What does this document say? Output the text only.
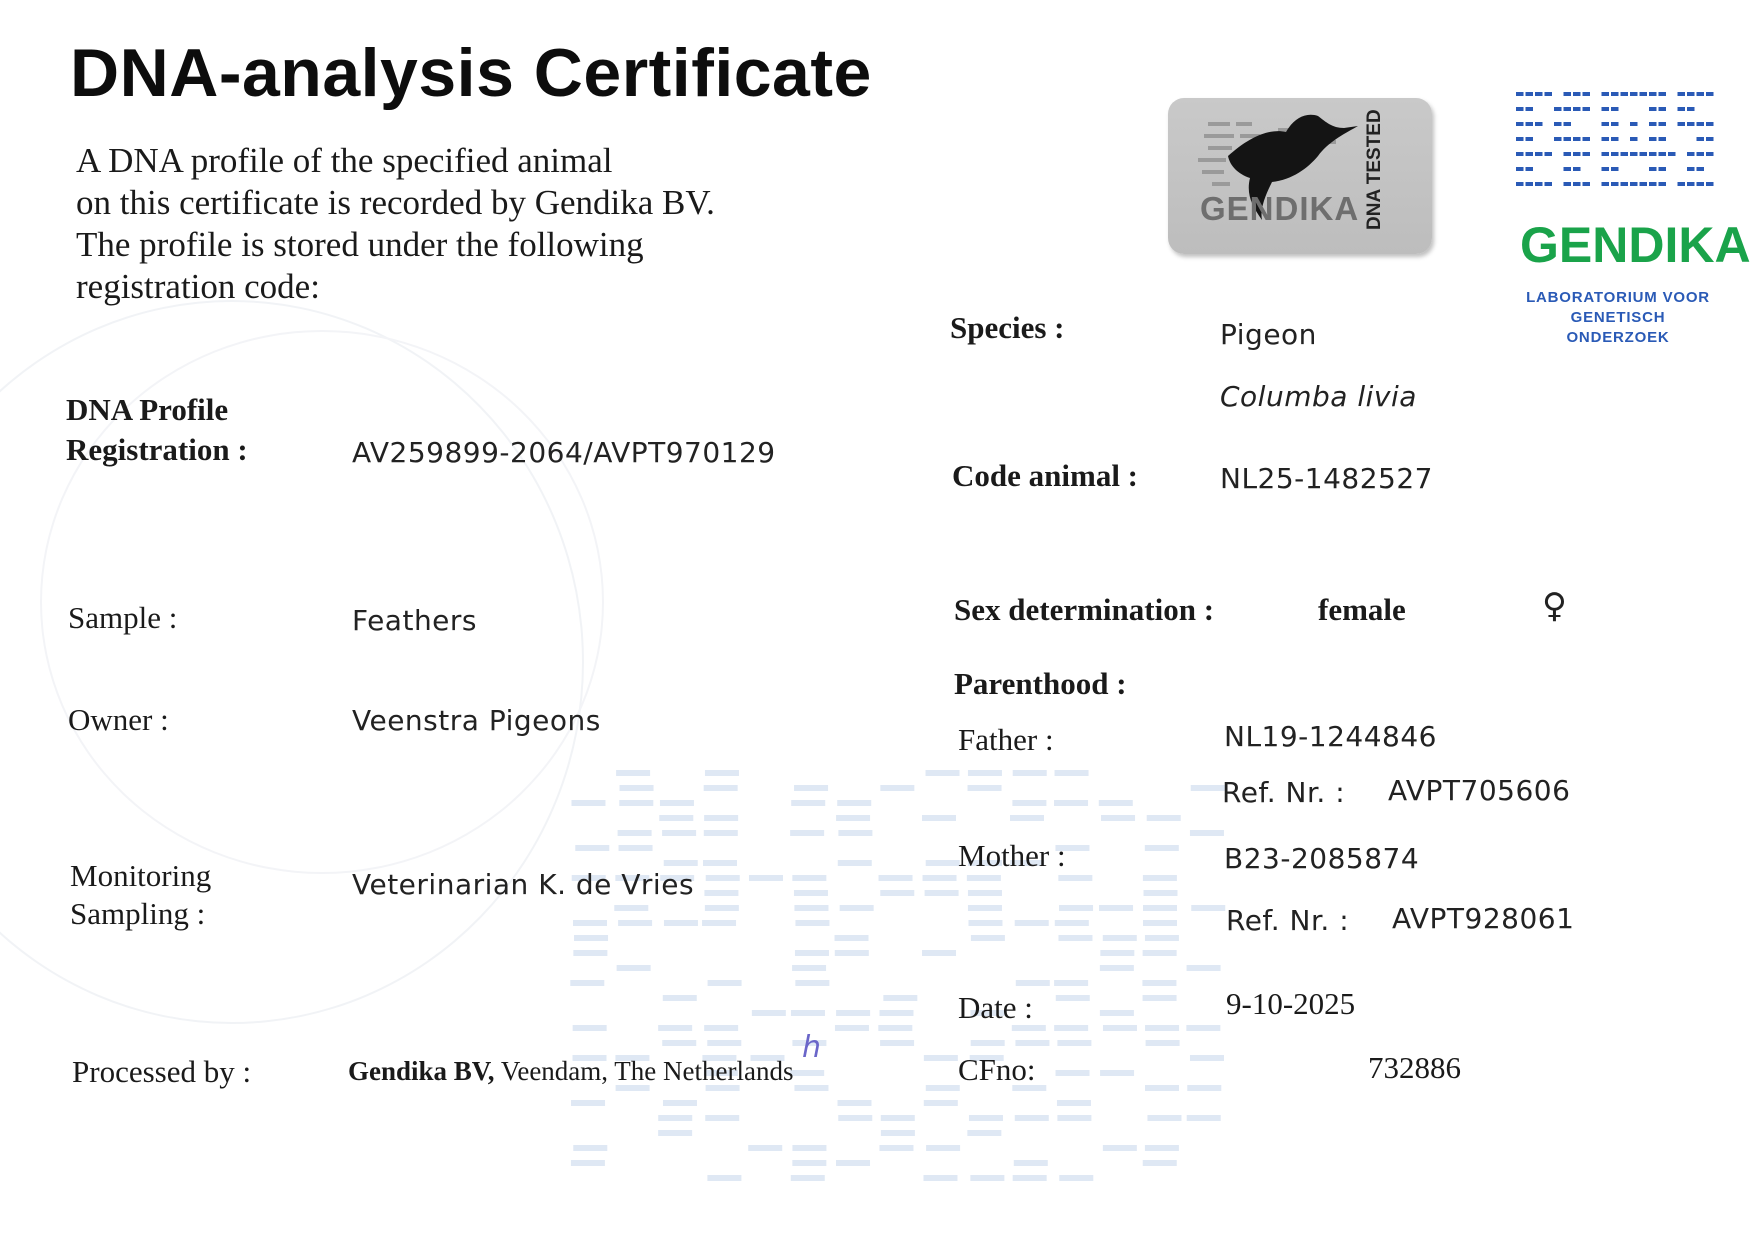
DNA-analysis Certificate
A DNA profile of the specified animal
on this certificate is recorded by Gendika BV.
The profile is stored under the following
registration code:
GENDIKA DNA TESTED
GENDIKA
LABORATORIUM VOOR
GENETISCH ONDERZOEK
DNA Profile
Registration :	AV259899-2064/AVPT970129
Sample :	Feathers
Owner :	Veenstra Pigeons
Monitoring
Sampling :
Veterinarian K. de Vries
Processed by :	Gendika BV, Veendam, The Netherlands
h
Species :	Pigeon
Columba livia
Code animal :	NL25-1482527
Sex determination :	female	♀
Parenthood :
Father :	NL19-1244846
Ref. Nr. : AVPT705606
Mother :	B23-2085874
Ref. Nr. : AVPT928061
Date :	9-10-2025
CFno:	732886
